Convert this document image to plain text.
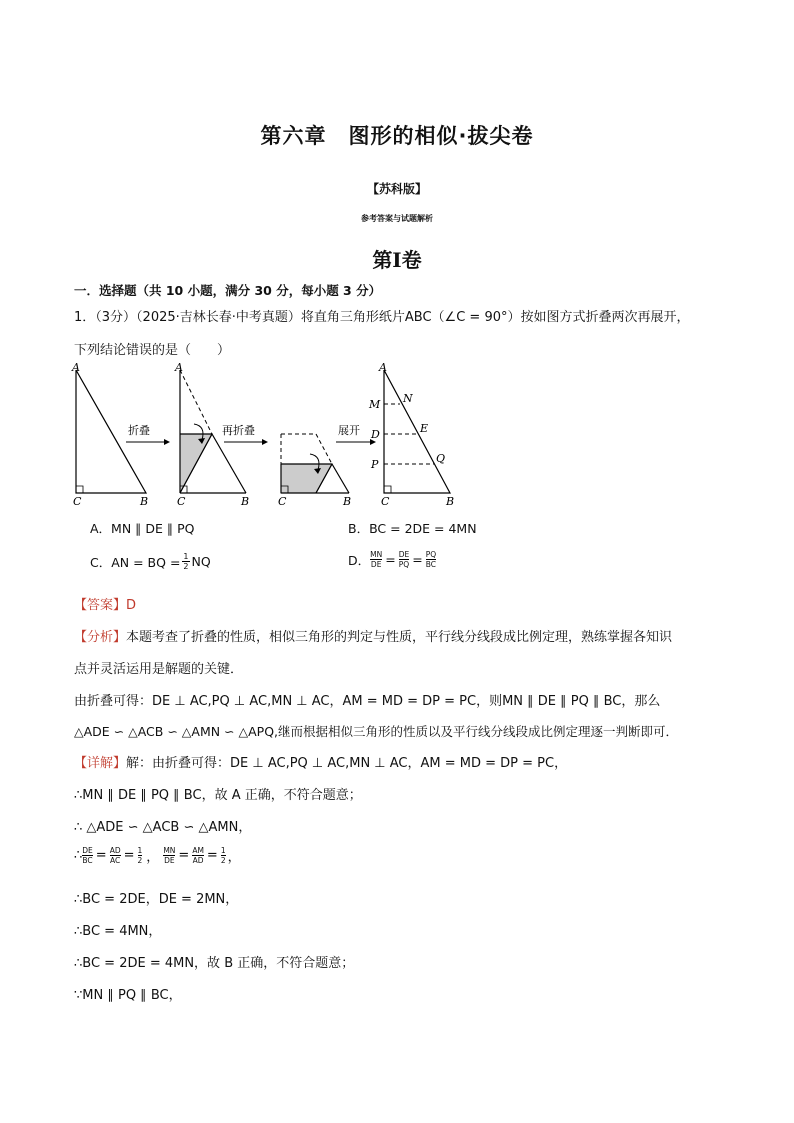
第六章　图形的相似·拔尖卷
【苏科版】
参考答案与试题解析
第Ⅰ卷
一．选择题（共 10 小题，满分 30 分，每小题 3 分）
1．（3分）（2025·吉林长春·中考真题）将直角三角形纸片ABC（∠C = 90°）按如图方式折叠两次再展开，
下列结论错误的是（　　）
A
C	B
折叠
A
C	B
再折叠
C	B
展开
A
M N
D	E
P	Q
C	B
A．MN ∥ DE ∥ PQ	B．BC = 2DE = 4MN
C．AN = BQ = $\frac{1}{2}$ NQ	D． $\frac{MN}{DE} = \frac{DE}{PQ} = \frac{PQ}{BC}$
【答案】D
【分析】本题考查了折叠的性质，相似三角形的判定与性质，平行线分线段成比例定理，熟练掌握各知识
点并灵活运用是解题的关键．
由折叠可得：DE ⊥ AC,PQ ⊥ AC,MN ⊥ AC，AM = MD = DP = PC，则MN ∥ DE ∥ PQ ∥ BC，那么
△ADE ∽ △ACB ∽ △AMN ∽ △APQ,继而根据相似三角形的性质以及平行线分线段成比例定理逐一判断即可．
【详解】解：由折叠可得：DE ⊥ AC,PQ ⊥ AC,MN ⊥ AC，AM = MD = DP = PC，
∴MN ∥ DE ∥ PQ ∥ BC，故 A 正确，不符合题意；
∴ △ADE ∽ △ACB ∽ △AMN，
∴ $\frac{DE}{BC} = \frac{AD}{AC} = \frac{1}{2}$ ， $\frac{MN}{DE} = \frac{AM}{AD} = \frac{1}{2}$ ，
∴BC = 2DE，DE = 2MN，
∴BC = 4MN，
∴BC = 2DE = 4MN，故 B 正确，不符合题意；
∵MN ∥ PQ ∥ BC，
